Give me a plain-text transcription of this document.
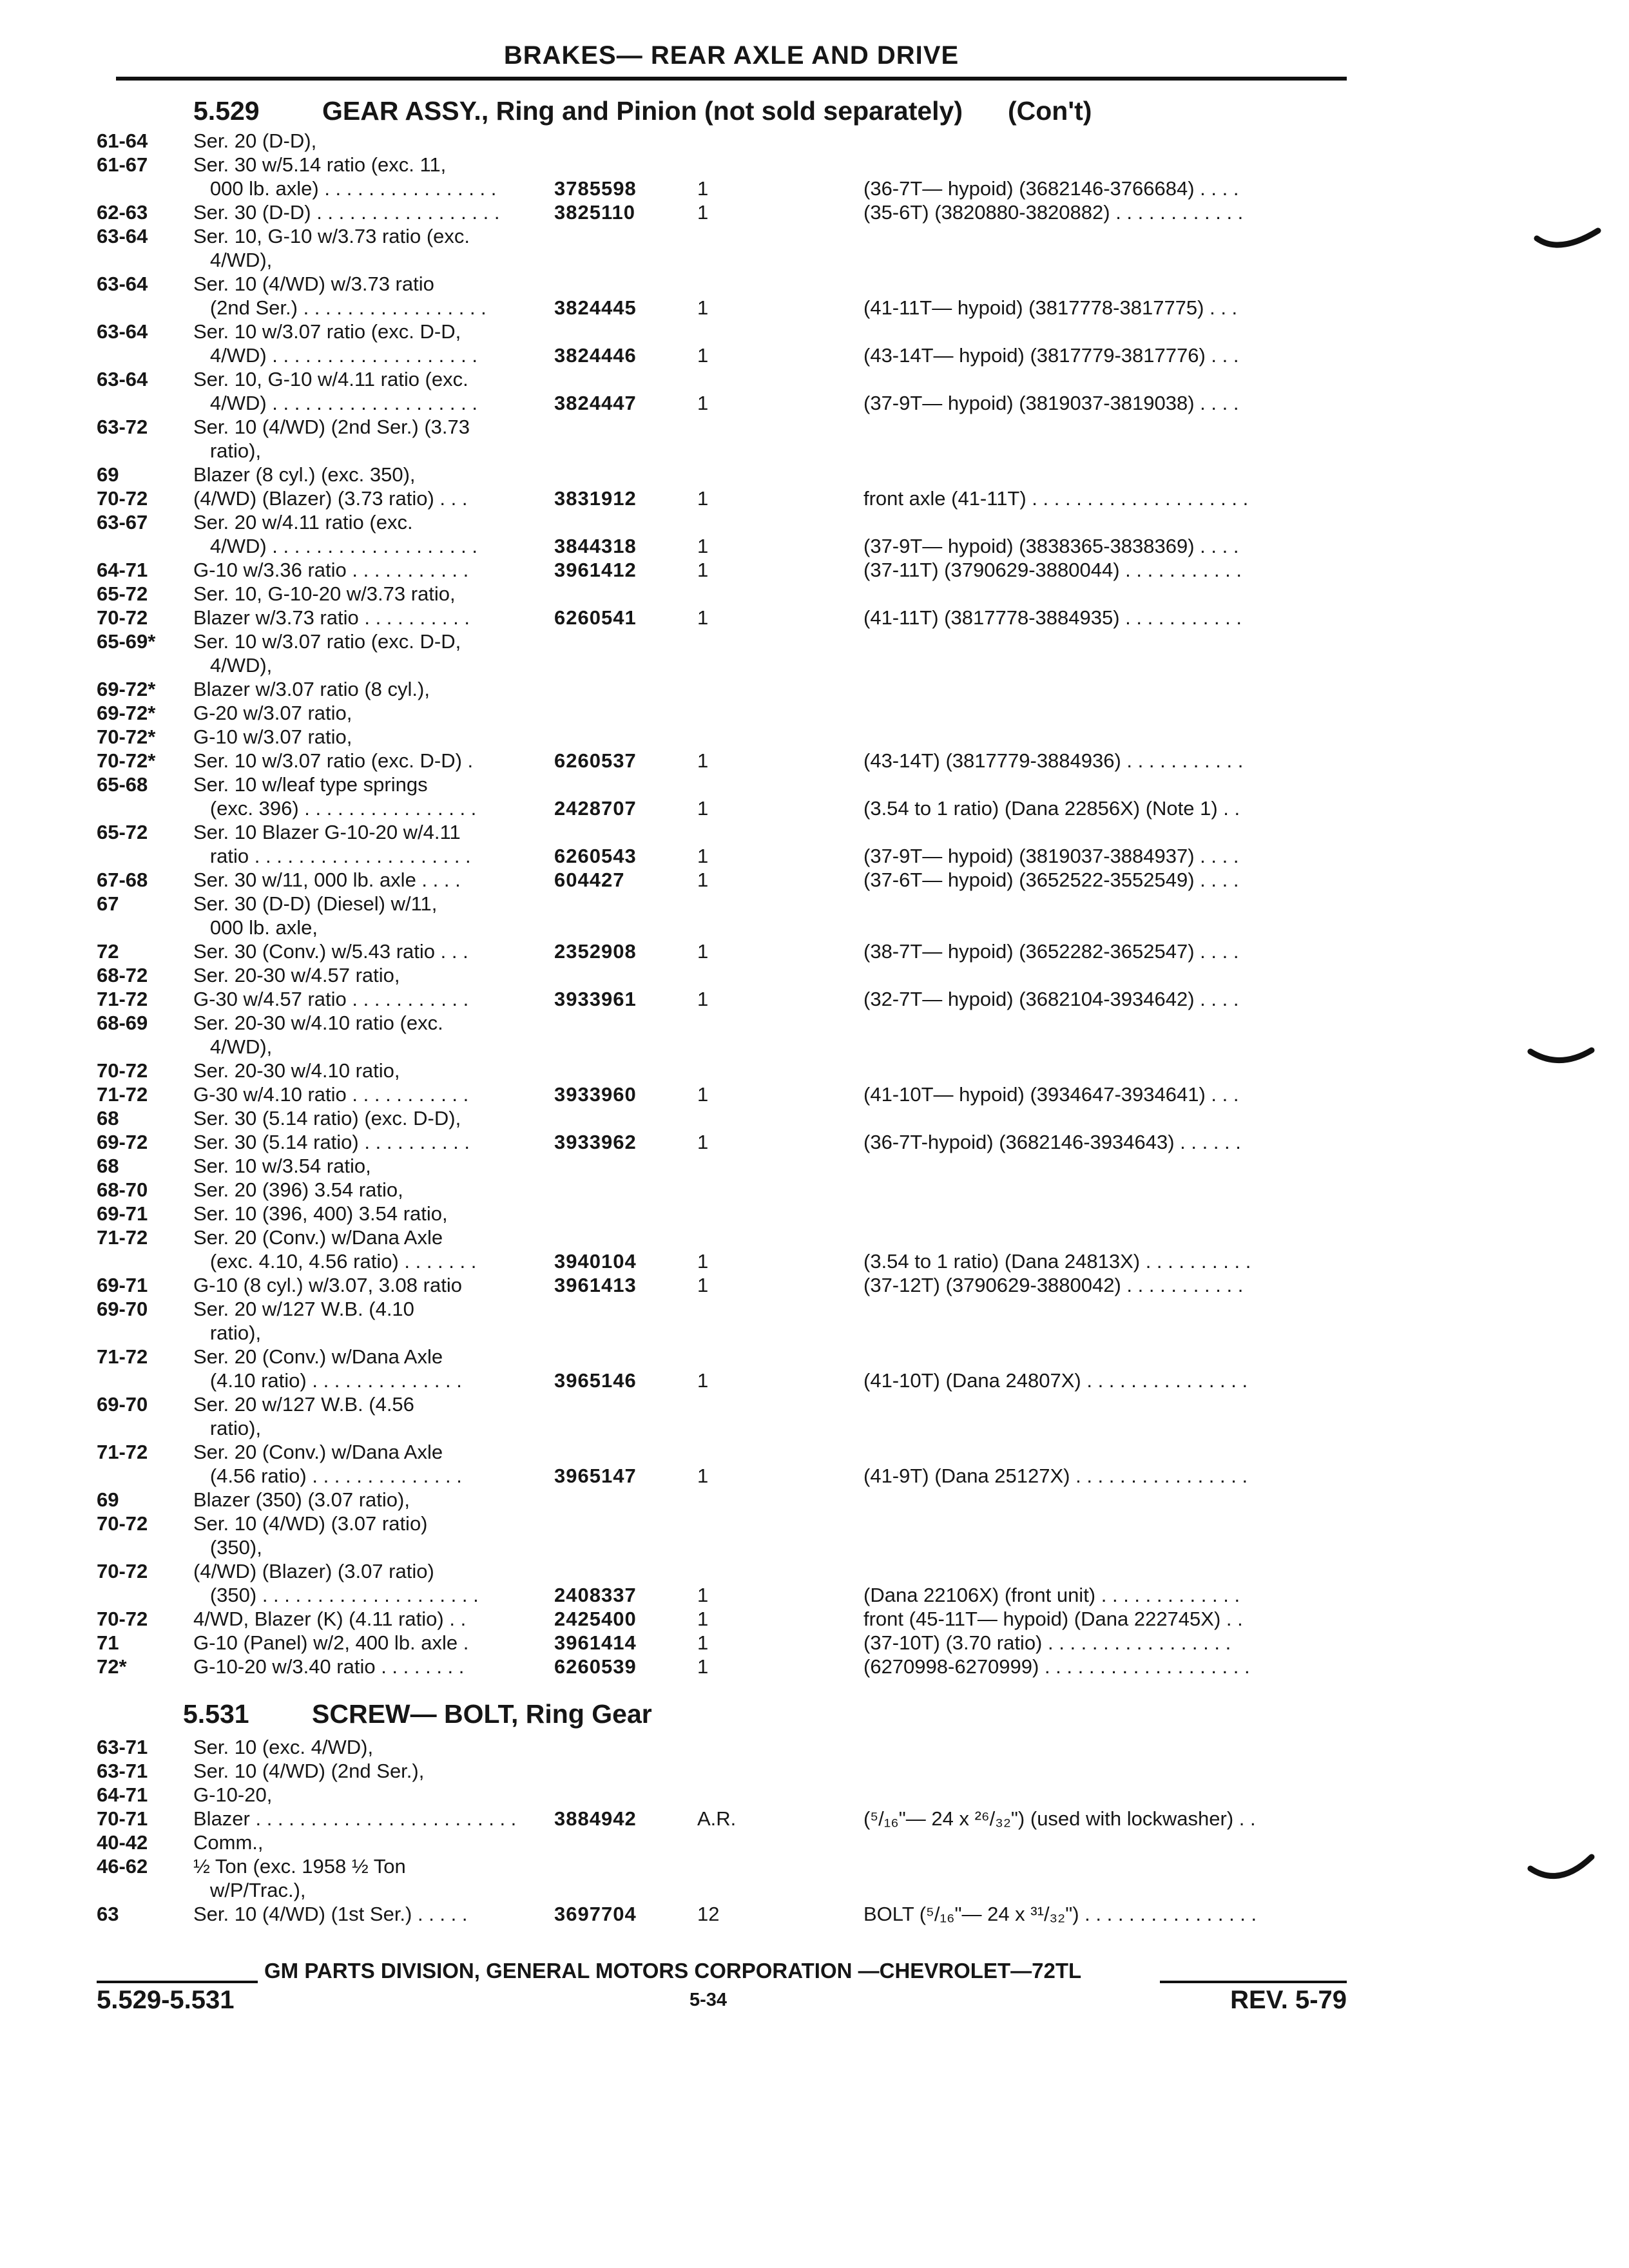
BRAKES— REAR AXLE AND DRIVE
5.529 GEAR ASSY., Ring and Pinion (not sold separately) (Con't)
61-64	Ser. 20 (D-D),
61-67	Ser. 30 w/5.14 ratio (exc. 11,
000 lb. axle) . . . . . . . . . . . . . . . .	3785598	1	(36-7T— hypoid) (3682146-3766684) . . . .
62-63	Ser. 30 (D-D) . . . . . . . . . . . . . . . . .	3825110	1	(35-6T) (3820880-3820882) . . . . . . . . . . . .
63-64	Ser. 10, G-10 w/3.73 ratio (exc.
4/WD),
63-64	Ser. 10 (4/WD) w/3.73 ratio
(2nd Ser.) . . . . . . . . . . . . . . . . .	3824445	1	(41-11T— hypoid) (3817778-3817775) . . .
63-64	Ser. 10 w/3.07 ratio (exc. D-D,
4/WD) . . . . . . . . . . . . . . . . . . .	3824446	1	(43-14T— hypoid) (3817779-3817776) . . .
63-64	Ser. 10, G-10 w/4.11 ratio (exc.
4/WD) . . . . . . . . . . . . . . . . . . .	3824447	1	(37-9T— hypoid) (3819037-3819038) . . . .
63-72	Ser. 10 (4/WD) (2nd Ser.) (3.73
ratio),
69	Blazer (8 cyl.) (exc. 350),
70-72	(4/WD) (Blazer) (3.73 ratio) . . .	3831912	1	front axle (41-11T) . . . . . . . . . . . . . . . . . . . .
63-67	Ser. 20 w/4.11 ratio (exc.
4/WD) . . . . . . . . . . . . . . . . . . .	3844318	1	(37-9T— hypoid) (3838365-3838369) . . . .
64-71	G-10 w/3.36 ratio . . . . . . . . . . .	3961412	1	(37-11T) (3790629-3880044) . . . . . . . . . . .
65-72	Ser. 10, G-10-20 w/3.73 ratio,
70-72	Blazer w/3.73 ratio . . . . . . . . . .	6260541	1	(41-11T) (3817778-3884935) . . . . . . . . . . .
65-69*	Ser. 10 w/3.07 ratio (exc. D-D,
4/WD),
69-72*	Blazer w/3.07 ratio (8 cyl.),
69-72*	G-20 w/3.07 ratio,
70-72*	G-10 w/3.07 ratio,
70-72*	Ser. 10 w/3.07 ratio (exc. D-D) .	6260537	1	(43-14T) (3817779-3884936) . . . . . . . . . . .
65-68	Ser. 10 w/leaf type springs
(exc. 396) . . . . . . . . . . . . . . . .	2428707	1	(3.54 to 1 ratio) (Dana 22856X) (Note 1) . .
65-72	Ser. 10 Blazer G-10-20 w/4.11
ratio . . . . . . . . . . . . . . . . . . . .	6260543	1	(37-9T— hypoid) (3819037-3884937) . . . .
67-68	Ser. 30 w/11, 000 lb. axle . . . .	604427	1	(37-6T— hypoid) (3652522-3552549) . . . .
67	Ser. 30 (D-D) (Diesel) w/11,
000 lb. axle,
72	Ser. 30 (Conv.) w/5.43 ratio . . .	2352908	1	(38-7T— hypoid) (3652282-3652547) . . . .
68-72	Ser. 20-30 w/4.57 ratio,
71-72	G-30 w/4.57 ratio . . . . . . . . . . .	3933961	1	(32-7T— hypoid) (3682104-3934642) . . . .
68-69	Ser. 20-30 w/4.10 ratio (exc.
4/WD),
70-72	Ser. 20-30 w/4.10 ratio,
71-72	G-30 w/4.10 ratio . . . . . . . . . . .	3933960	1	(41-10T— hypoid) (3934647-3934641) . . .
68	Ser. 30 (5.14 ratio) (exc. D-D),
69-72	Ser. 30 (5.14 ratio) . . . . . . . . . .	3933962	1	(36-7T-hypoid) (3682146-3934643) . . . . . .
68	Ser. 10 w/3.54 ratio,
68-70	Ser. 20 (396) 3.54 ratio,
69-71	Ser. 10 (396, 400) 3.54 ratio,
71-72	Ser. 20 (Conv.) w/Dana Axle
(exc. 4.10, 4.56 ratio) . . . . . . .	3940104	1	(3.54 to 1 ratio) (Dana 24813X) . . . . . . . . . .
69-71	G-10 (8 cyl.) w/3.07, 3.08 ratio	3961413	1	(37-12T) (3790629-3880042) . . . . . . . . . . .
69-70	Ser. 20 w/127 W.B. (4.10
ratio),
71-72	Ser. 20 (Conv.) w/Dana Axle
(4.10 ratio) . . . . . . . . . . . . . .	3965146	1	(41-10T) (Dana 24807X) . . . . . . . . . . . . . . .
69-70	Ser. 20 w/127 W.B. (4.56
ratio),
71-72	Ser. 20 (Conv.) w/Dana Axle
(4.56 ratio) . . . . . . . . . . . . . .	3965147	1	(41-9T) (Dana 25127X) . . . . . . . . . . . . . . . .
69	Blazer (350) (3.07 ratio),
70-72	Ser. 10 (4/WD) (3.07 ratio)
(350),
70-72	(4/WD) (Blazer) (3.07 ratio)
(350) . . . . . . . . . . . . . . . . . . . .	2408337	1	(Dana 22106X) (front unit) . . . . . . . . . . . . .
70-72	4/WD, Blazer (K) (4.11 ratio) . .	2425400	1	front (45-11T— hypoid) (Dana 222745X) . .
71	G-10 (Panel) w/2, 400 lb. axle .	3961414	1	(37-10T) (3.70 ratio) . . . . . . . . . . . . . . . . .
72*	G-10-20 w/3.40 ratio . . . . . . . .	6260539	1	(6270998-6270999) . . . . . . . . . . . . . . . . . . .
5.531 SCREW— BOLT, Ring Gear
63-71	Ser. 10 (exc. 4/WD),
63-71	Ser. 10 (4/WD) (2nd Ser.),
64-71	G-10-20,
70-71	Blazer . . . . . . . . . . . . . . . . . . . . . . . .	3884942	A.R.	(⁵/₁₆"— 24 x ²⁶/₃₂") (used with lockwasher) . .
40-42	Comm.,
46-62	½ Ton (exc. 1958 ½ Ton
w/P/Trac.),
63	Ser. 10 (4/WD) (1st Ser.) . . . . .	3697704	12	BOLT (⁵/₁₆"— 24 x ³¹/₃₂") . . . . . . . . . . . . . . . .
GM PARTS DIVISION, GENERAL MOTORS CORPORATION —CHEVROLET—72TL
5.529-5.531	5-34	REV. 5-79
